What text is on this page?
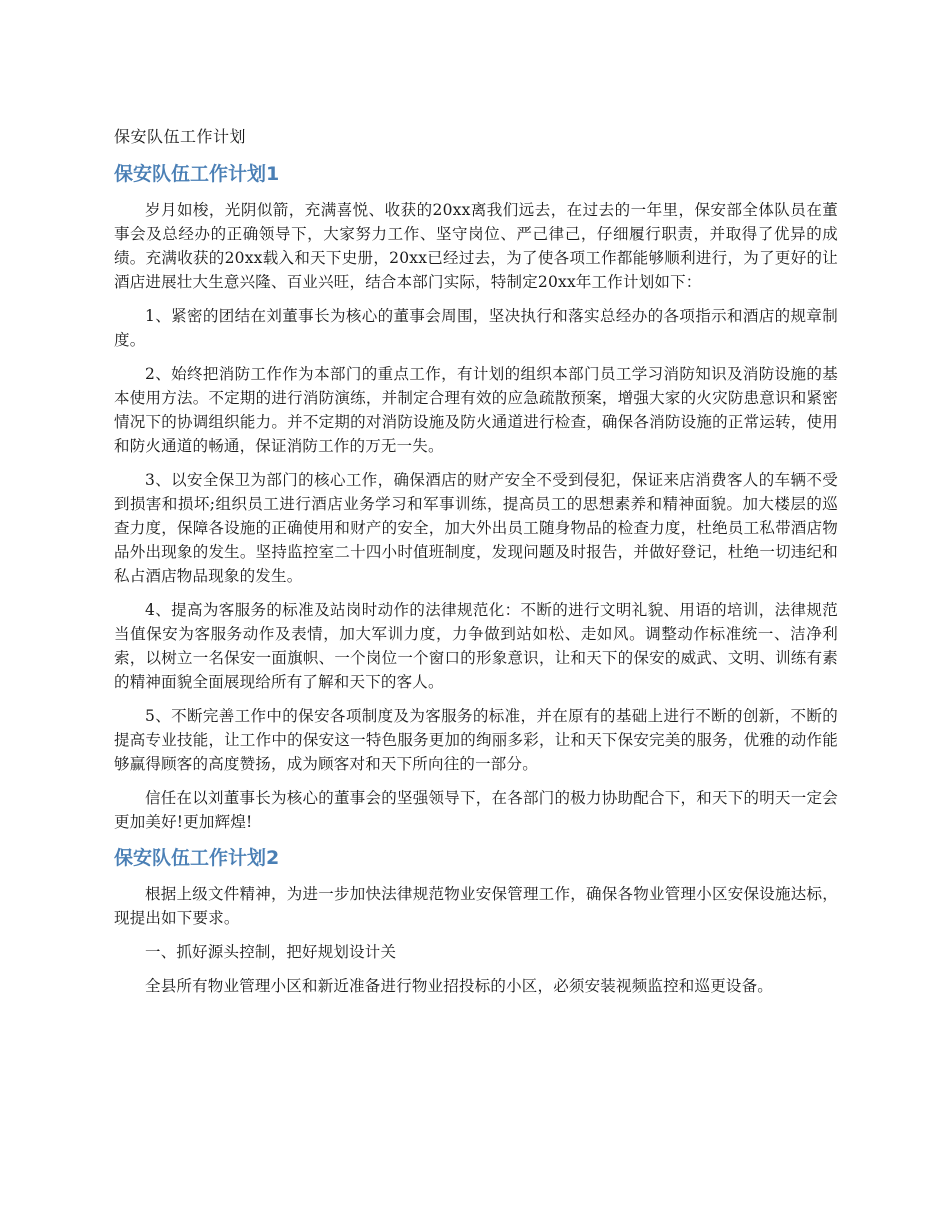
保安队伍工作计划
保安队伍工作计划1

岁月如梭，光阴似箭，充满喜悦、收获的20xx离我们远去，在过去的一年里，保安部全体队员在董事会及总经办的正确领导下，大家努力工作、坚守岗位、严己律己，仔细履行职责，并取得了优异的成绩。充满收获的20xx载入和天下史册，20xx已经过去，为了使各项工作都能够顺利进行，为了更好的让酒店进展壮大生意兴隆、百业兴旺，结合本部门实际，特制定20xx年工作计划如下：

1、紧密的团结在刘董事长为核心的董事会周围，坚决执行和落实总经办的各项指示和酒店的规章制度。

2、始终把消防工作作为本部门的重点工作，有计划的组织本部门员工学习消防知识及消防设施的基本使用方法。不定期的进行消防演练，并制定合理有效的应急疏散预案，增强大家的火灾防患意识和紧密情况下的协调组织能力。并不定期的对消防设施及防火通道进行检查，确保各消防设施的正常运转，使用和防火通道的畅通，保证消防工作的万无一失。

3、以安全保卫为部门的核心工作，确保酒店的财产安全不受到侵犯，保证来店消费客人的车辆不受到损害和损坏;组织员工进行酒店业务学习和军事训练，提高员工的思想素养和精神面貌。加大楼层的巡查力度，保障各设施的正确使用和财产的安全，加大外出员工随身物品的检查力度，杜绝员工私带酒店物品外出现象的发生。坚持监控室二十四小时值班制度，发现问题及时报告，并做好登记，杜绝一切违纪和私占酒店物品现象的发生。

4、提高为客服务的标准及站岗时动作的法律规范化：不断的进行文明礼貌、用语的培训，法律规范当值保安为客服务动作及表情，加大军训力度，力争做到站如松、走如风。调整动作标准统一、洁净利索，以树立一名保安一面旗帜、一个岗位一个窗口的形象意识，让和天下的保安的威武、文明、训练有素的精神面貌全面展现给所有了解和天下的客人。

5、不断完善工作中的保安各项制度及为客服务的标准，并在原有的基础上进行不断的创新，不断的提高专业技能，让工作中的保安这一特色服务更加的绚丽多彩，让和天下保安完美的服务，优雅的动作能够赢得顾客的高度赞扬，成为顾客对和天下所向往的一部分。

信任在以刘董事长为核心的董事会的坚强领导下，在各部门的极力协助配合下，和天下的明天一定会更加美好!更加辉煌!

保安队伍工作计划2

根据上级文件精神，为进一步加快法律规范物业安保管理工作，确保各物业管理小区安保设施达标，现提出如下要求。

一、抓好源头控制，把好规划设计关

全县所有物业管理小区和新近准备进行物业招投标的小区，必须安装视频监控和巡更设备。
